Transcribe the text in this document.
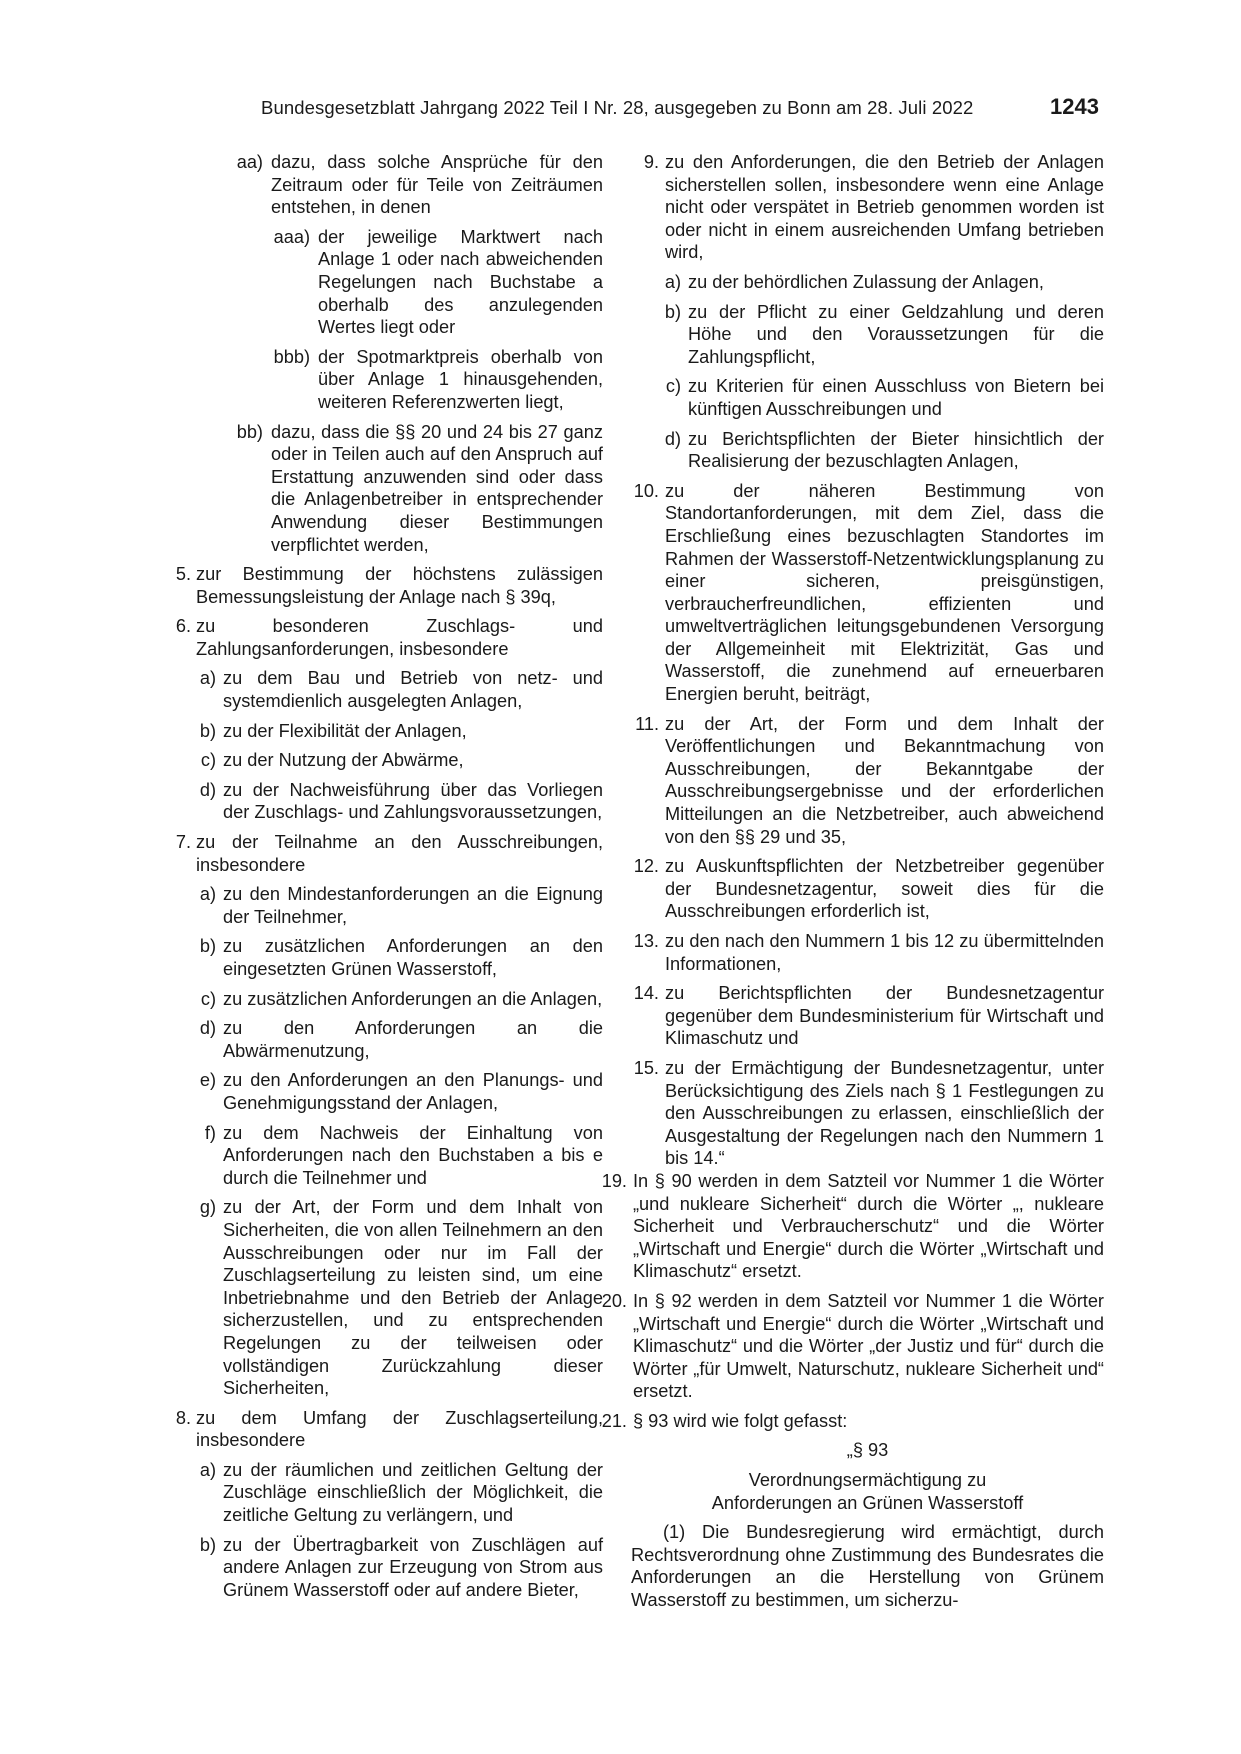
Bundesgesetzblatt Jahrgang 2022 Teil I Nr. 28, ausgegeben zu Bonn am 28. Juli 2022	1243
aa) dazu, dass solche Ansprüche für den Zeitraum oder für Teile von Zeiträumen entstehen, in denen
aaa) der jeweilige Marktwert nach Anlage 1 oder nach abweichenden Regelungen nach Buchstabe a oberhalb des anzulegenden Wertes liegt oder
bbb) der Spotmarktpreis oberhalb von über Anlage 1 hinausgehenden, weiteren Referenzwerten liegt,
bb) dazu, dass die §§ 20 und 24 bis 27 ganz oder in Teilen auch auf den Anspruch auf Erstattung anzuwenden sind oder dass die Anlagenbetreiber in entsprechender Anwendung dieser Bestimmungen verpflichtet werden,
5. zur Bestimmung der höchstens zulässigen Bemessungsleistung der Anlage nach § 39q,
6. zu besonderen Zuschlags- und Zahlungsanforderungen, insbesondere
a) zu dem Bau und Betrieb von netz- und systemdienlich ausgelegten Anlagen,
b) zu der Flexibilität der Anlagen,
c) zu der Nutzung der Abwärme,
d) zu der Nachweisführung über das Vorliegen der Zuschlags- und Zahlungsvoraussetzungen,
7. zu der Teilnahme an den Ausschreibungen, insbesondere
a) zu den Mindestanforderungen an die Eignung der Teilnehmer,
b) zu zusätzlichen Anforderungen an den eingesetzten Grünen Wasserstoff,
c) zu zusätzlichen Anforderungen an die Anlagen,
d) zu den Anforderungen an die Abwärmenutzung,
e) zu den Anforderungen an den Planungs- und Genehmigungsstand der Anlagen,
f) zu dem Nachweis der Einhaltung von Anforderungen nach den Buchstaben a bis e durch die Teilnehmer und
g) zu der Art, der Form und dem Inhalt von Sicherheiten, die von allen Teilnehmern an den Ausschreibungen oder nur im Fall der Zuschlagserteilung zu leisten sind, um eine Inbetriebnahme und den Betrieb der Anlage sicherzustellen, und zu entsprechenden Regelungen zu der teilweisen oder vollständigen Zurückzahlung dieser Sicherheiten,
8. zu dem Umfang der Zuschlagserteilung, insbesondere
a) zu der räumlichen und zeitlichen Geltung der Zuschläge einschließlich der Möglichkeit, die zeitliche Geltung zu verlängern, und
b) zu der Übertragbarkeit von Zuschlägen auf andere Anlagen zur Erzeugung von Strom aus Grünem Wasserstoff oder auf andere Bieter,
9. zu den Anforderungen, die den Betrieb der Anlagen sicherstellen sollen, insbesondere wenn eine Anlage nicht oder verspätet in Betrieb genommen worden ist oder nicht in einem ausreichenden Umfang betrieben wird,
a) zu der behördlichen Zulassung der Anlagen,
b) zu der Pflicht zu einer Geldzahlung und deren Höhe und den Voraussetzungen für die Zahlungspflicht,
c) zu Kriterien für einen Ausschluss von Bietern bei künftigen Ausschreibungen und
d) zu Berichtspflichten der Bieter hinsichtlich der Realisierung der bezuschlagten Anlagen,
10. zu der näheren Bestimmung von Standortanforderungen, mit dem Ziel, dass die Erschließung eines bezuschlagten Standortes im Rahmen der Wasserstoff-Netzentwicklungsplanung zu einer sicheren, preisgünstigen, verbraucherfreundlichen, effizienten und umweltverträglichen leitungsgebundenen Versorgung der Allgemeinheit mit Elektrizität, Gas und Wasserstoff, die zunehmend auf erneuerbaren Energien beruht, beiträgt,
11. zu der Art, der Form und dem Inhalt der Veröffentlichungen und Bekanntmachung von Ausschreibungen, der Bekanntgabe der Ausschreibungsergebnisse und der erforderlichen Mitteilungen an die Netzbetreiber, auch abweichend von den §§ 29 und 35,
12. zu Auskunftspflichten der Netzbetreiber gegenüber der Bundesnetzagentur, soweit dies für die Ausschreibungen erforderlich ist,
13. zu den nach den Nummern 1 bis 12 zu übermittelnden Informationen,
14. zu Berichtspflichten der Bundesnetzagentur gegenüber dem Bundesministerium für Wirtschaft und Klimaschutz und
15. zu der Ermächtigung der Bundesnetzagentur, unter Berücksichtigung des Ziels nach § 1 Festlegungen zu den Ausschreibungen zu erlassen, einschließlich der Ausgestaltung der Regelungen nach den Nummern 1 bis 14.“
19. In § 90 werden in dem Satzteil vor Nummer 1 die Wörter „und nukleare Sicherheit“ durch die Wörter „, nukleare Sicherheit und Verbraucherschutz“ und die Wörter „Wirtschaft und Energie“ durch die Wörter „Wirtschaft und Klimaschutz“ ersetzt.
20. In § 92 werden in dem Satzteil vor Nummer 1 die Wörter „Wirtschaft und Energie“ durch die Wörter „Wirtschaft und Klimaschutz“ und die Wörter „der Justiz und für“ durch die Wörter „für Umwelt, Naturschutz, nukleare Sicherheit und“ ersetzt.
21. § 93 wird wie folgt gefasst:
„§ 93
Verordnungsermächtigung zu
Anforderungen an Grünen Wasserstoff
(1) Die Bundesregierung wird ermächtigt, durch Rechtsverordnung ohne Zustimmung des Bundesrates die Anforderungen an die Herstellung von Grünem Wasserstoff zu bestimmen, um sicherzu-
